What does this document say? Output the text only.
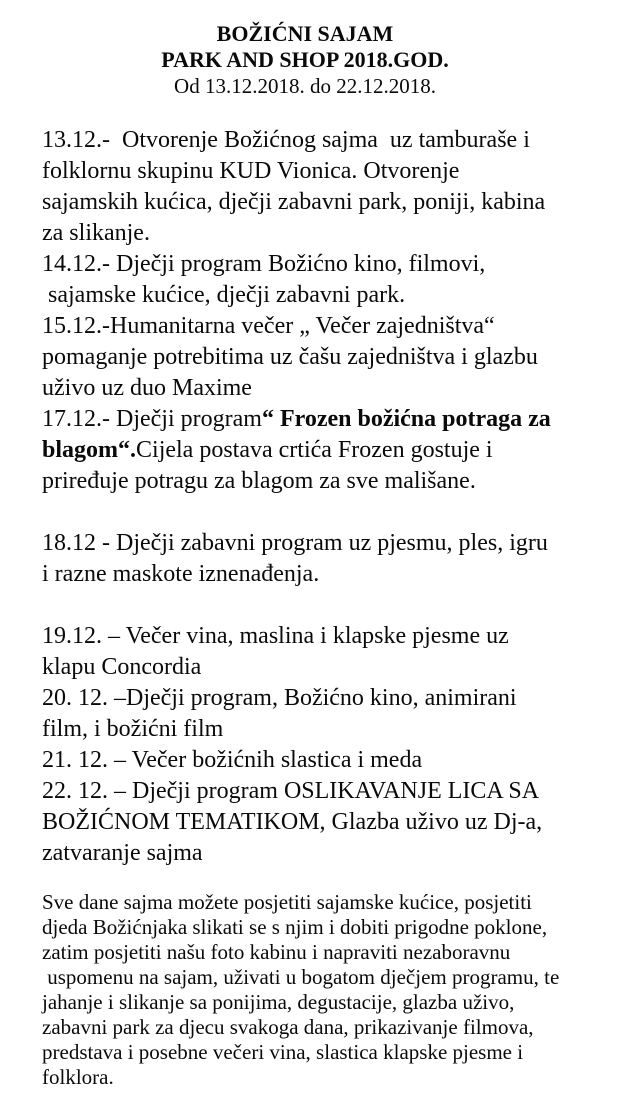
BOŽIĆNI SAJAM
PARK AND SHOP 2018.GOD.
Od 13.12.2018. do 22.12.2018.
13.12.-  Otvorenje Božićnog sajma  uz tamburaše i
folklornu skupinu KUD Vionica. Otvorenje
sajamskih kućica, dječji zabavni park, poniji, kabina
za slikanje.
14.12.- Dječji program Božićno kino, filmovi,
sajamske kućice, dječji zabavni park.
15.12.-Humanitarna večer „ Večer zajedništva“
pomaganje potrebitima uz čašu zajedništva i glazbu
uživo uz duo Maxime
17.12.- Dječji program“ Frozen božićna potraga za
blagom“.Cijela postava crtića Frozen gostuje i
priređuje potragu za blagom za sve mališane.
18.12 - Dječji zabavni program uz pjesmu, ples, igru
i razne maskote iznenađenja.
19.12. – Večer vina, maslina i klapske pjesme uz
klapu Concordia
20. 12. –Dječji program, Božićno kino, animirani
film, i božićni film
21. 12. – Večer božićnih slastica i meda
22. 12. – Dječji program OSLIKAVANJE LICA SA
BOŽIĆNOM TEMATIKOM, Glazba uživo uz Dj-a,
zatvaranje sajma
Sve dane sajma možete posjetiti sajamske kućice, posjetiti
djeda Božićnjaka slikati se s njim i dobiti prigodne poklone,
zatim posjetiti našu foto kabinu i napraviti nezaboravnu
uspomenu na sajam, uživati u bogatom dječjem programu, te
jahanje i slikanje sa ponijima, degustacije, glazba uživo,
zabavni park za djecu svakoga dana, prikazivanje filmova,
predstava i posebne večeri vina, slastica klapske pjesme i
folklora.
